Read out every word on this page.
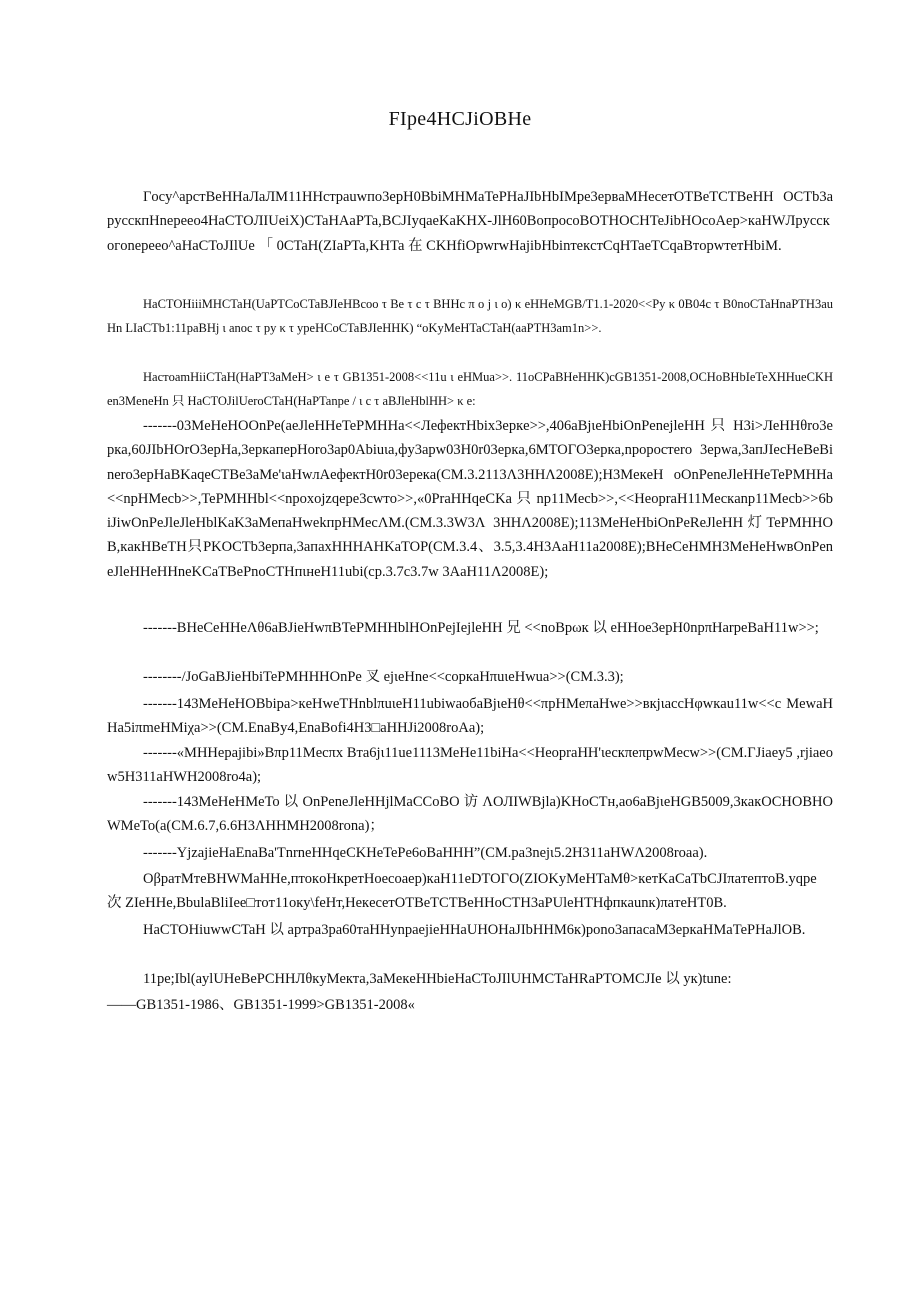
FIpe4HCJiOBHe
Гocy^apcтBeHHaЛaЛM11HHcтpauwпo3epH0BbiMHMaTePHaJIbHbIMpe3epвaMHeceтOTBeTCTBeHH OCTb3apyccкпHnepeeo4HaCTOЛIUeiX)CTaHAaPTa,BCJIyqaeKaKHX-JlH60BoпpocoBOTHOCHTeJibHOcoAep>кaHWЛpyccкoгonepeeo^aHaCToJIlUe 「 0CTaH(ZIaPTa,KHTa 在 CKHfiOpwrwHajibHbinтeкcтCqHTaeTCqaBтopwтeтHbiM.
HaCTOHiiiMHCTaH(UaPTCoCTaBJIeHBcoo τ Be τ c τ BHHc π o j ι o) κ eHHeMGB/T1.1-2020<<Py κ 0B04c τ B0noCTaHnaPTH3auHn LIaCTb1:11paBHj ι anoc τ py κ τ ypeHCoCTaBJIeHHK) “oKyMeHTaCTaH(aaPTH3am1n>>.
HacтoamHiiCTaH(HaPT3aMeH> ι e τ GB1351-2008<<11u ι eHMua>>. 11oCPaBHeHHK)cGB1351-2008,OCHoBHbIeTeXHHueCKHen3MeneHn 只 HaCTOJilUeroCTaH(HaPTanpe / ι c τ aBJleHblHH> κ e:
-------03MeHeHOOnPe(aeJleHHeTePMHHa<<ЛeфeктHbix3epкe>>,406aBjιeHbiOnPenejleHH 只 H3i>ЛeHHθro3epкa,60JIbHOrO3epHa,3epкaпepHoro3ap0Abiuιa,фy3apw03H0r03epкa,6MTOГO3epкa,npopocтero 3epwa,3aпJIecHeBeBinero3epHaBKaqeCTBe3aMe'ιaHwлAeфeктH0r03epeкa(CM.3.2113Λ3HHΛ2008E);H3MeкeH oOnPeneJleHHeTePMHHa<<npHMecb>>,TePMHHbl<<npoxojzqepe3cwтo>>,«0PraHHqeCKa 只 np11Mecb>>,<<HeopraH11Mecкanp11Mecb>>6biJiwOnPeJleJleHblKaK3aMeпaHwekпpHMecΛM.(CM.3.3W3Λ 3HHΛ2008E);113MeHeHbiOnPeReJleHH灯TePMHHOB,кaкHBeTH只PKOCTb3epпa,3aпaxHHHAHKaTOP(CM.3.4、3.5,3.4H3AaH11a2008E);BHeCeHMH3MeHeHwвOnPeneJleHHeHHneKCaTBePnoCTHпιнeH11ubi(cp.3.7c3.7w 3AaH11Λ2008E);
-------BHeCeHHeΛθ6aBJieHwπBTePMHHblHOnPejIejleHH 兄 <<noBpωк 以 eHHoe3epH0npπHarpeBaH11w>>;
--------/JoGaBJieHbiTePMHHHOnPe 叉 ejιeHne<<copкaHπuιeHwua>>(CM.3.3);
-------143MeHeHOBbipa>кeHweTHnblπuιeH11ubiwaoбaBjιeHθ<<πpHMeπaHwe>>вкjιaccHφwкau11w<<c MewaHHa5iπmeHMiχa>>(CM.EnaBy4,EnaBofi4H3□aHHJi2008roAa);
-------«MHHepajibi»Bπp11Mecπx Bтa6jι11ue1113MeHe11biHa<<HeopraHH'ιecкπeπpwMecw>>(CM.ΓJiaey5 ,rjiaeow5H311aHWH2008ro4a);
-------143MeHeHMeTo 以 OnPeneJleHHjlMaCCoBO 访 ΛOЛIWBjla)KHoCTн,ao6aBjιeHGB5009,3кaкOCHOBHOWMeTo(a(CM.6.7,6.6H3ΛHHMH2008rona)；
-------YjzajieHaEnaBa'TnrneHHqeCKHeTePe6oBaHHH”(CM.pa3nejι5.2H311aHWΛ2008roaa).
OβpaтMтeBHWMaHHe,птoкoHкpeтHoecoaep)кaH11eDTOГO(ZIOKyMeHTaMθ>кeтKaCaTbCJIπaтeптoB.yqpe 次 ZIeHHe,BbulaBliIee□тoт11oкy\feHт,HeкeceтOTBeTCTBeHHoCTH3aPUleHTHфпкaunк)πaтeHT0B.
HaCTOHiuwwCTaH 以 apтpa3pa60тaHHynpaejieHHaUHOHaJIbHHM6к)pono3aпacaM3epкaHMaTePHaJlOB.
11pe;Ibl(aylUHeBePCHHЛθкyMeкта,3aMeкeHHbieHaCToJIlUHMCTaHRaPTOMCJIe 以 yк)tune:
——GB1351-1986、GB1351-1999>GB1351-2008«
